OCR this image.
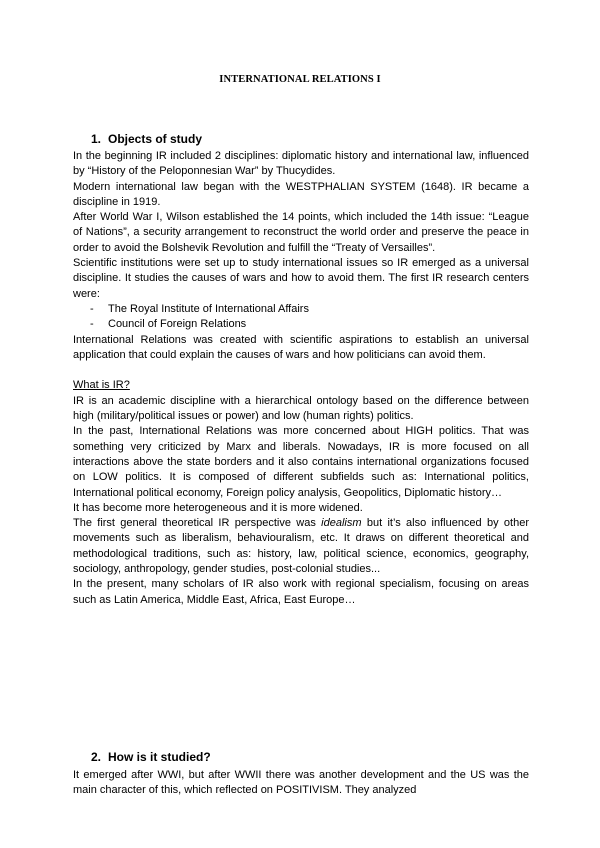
INTERNATIONAL RELATIONS I
1. Objects of study

In the beginning IR included 2 disciplines: diplomatic history and international law, influenced by “History of the Peloponnesian War” by Thucydides.

Modern international law began with the WESTPHALIAN SYSTEM (1648). IR became a discipline in 1919.

After World War I, Wilson established the 14 points, which included the 14th issue: “League of Nations”, a security arrangement to reconstruct the world order and preserve the peace in order to avoid the Bolshevik Revolution and fulfill the “Treaty of Versailles”.

Scientific institutions were set up to study international issues so IR emerged as a universal discipline. It studies the causes of wars and how to avoid them. The first IR research centers were:

- The Royal Institute of International Affairs
- Council of Foreign Relations

International Relations was created with scientific aspirations to establish an universal application that could explain the causes of wars and how politicians can avoid them.

What is IR?

IR is an academic discipline with a hierarchical ontology based on the difference between high (military/political issues or power) and low (human rights) politics.

In the past, International Relations was more concerned about HIGH politics. That was something very criticized by Marx and liberals. Nowadays, IR is more focused on all interactions above the state borders and it also contains international organizations focused on LOW politics. It is composed of different subfields such as: International politics, International political economy, Foreign policy analysis, Geopolitics, Diplomatic history…

It has become more heterogeneous and it is more widened.

The first general theoretical IR perspective was idealism but it’s also influenced by other movements such as liberalism, behaviouralism, etc. It draws on different theoretical and methodological traditions, such as: history, law, political science, economics, geography, sociology, anthropology, gender studies, post-colonial studies...

In the present, many scholars of IR also work with regional specialism, focusing on areas such as Latin America, Middle East, Africa, East Europe…

2. How is it studied?

It emerged after WWI, but after WWII there was another development and the US was the main character of this, which reflected on POSITIVISM. They analyzed
